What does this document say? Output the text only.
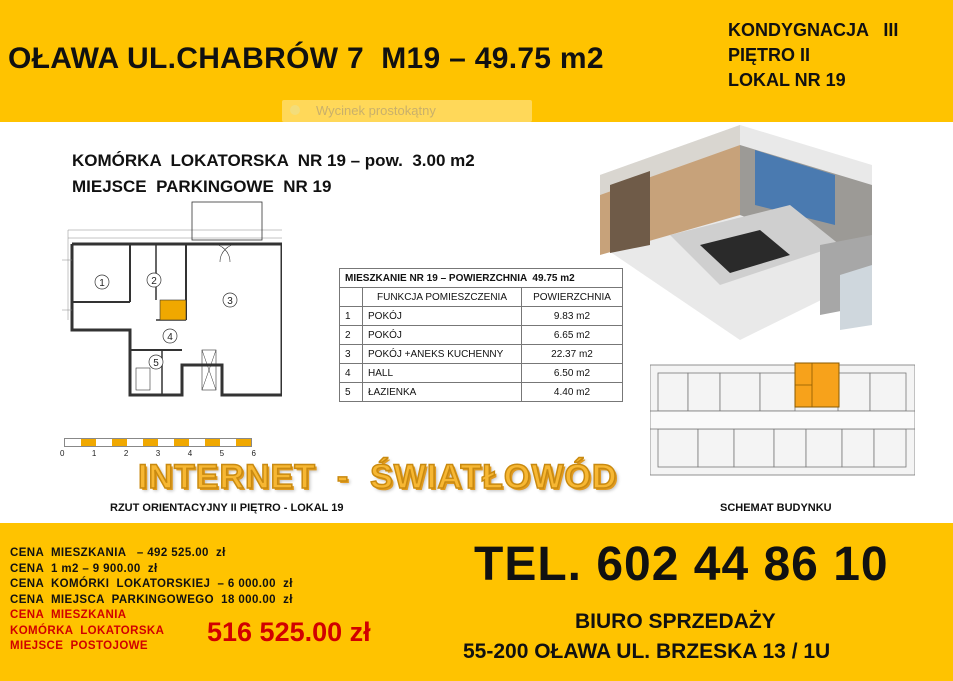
OŁAWA UL.CHABRÓW 7  M19 – 49.75 m2
KONDYGNACJA   III
PIĘTRO II
LOKAL NR 19
Wycinek prostokątny
KOMÓRKA  LOKATORSKA  NR 19 – pow.  3.00 m2
MIEJSCE  PARKINGOWE  NR 19
1	2
3
4
5
0	1	2	3	4	5	6
MIESZKANIE NR 19 – POWIERZCHNIA  49.75 m2		
	FUNKCJA POMIESZCZENIA	POWIERZCHNIA
1	POKÓJ	9.83 m2
2	POKÓJ	6.65 m2
3	POKÓJ +ANEKS KUCHENNY	22.37 m2
4	HALL	6.50 m2
5	ŁAZIENKA	4.40 m2
RZUT ORIENTACYJNY II PIĘTRO - LOKAL 19	SCHEMAT BUDYNKU
INTERNET  -  ŚWIATŁOWÓD
CENA  MIESZKANIA   – 492 525.00  zł
CENA  1 m2 – 9 900.00  zł
CENA  KOMÓRKI  LOKATORSKIEJ  – 6 000.00  zł
CENA  MIEJSCA  PARKINGOWEGO  18 000.00  zł
CENA  MIESZKANIA
KOMÓRKA  LOKATORSKA
MIEJSCE  POSTOJOWE	516 525.00 zł
TEL. 602 44 86 10
BIURO SPRZEDAŻY
55-200 OŁAWA UL. BRZESKA 13 / 1U
